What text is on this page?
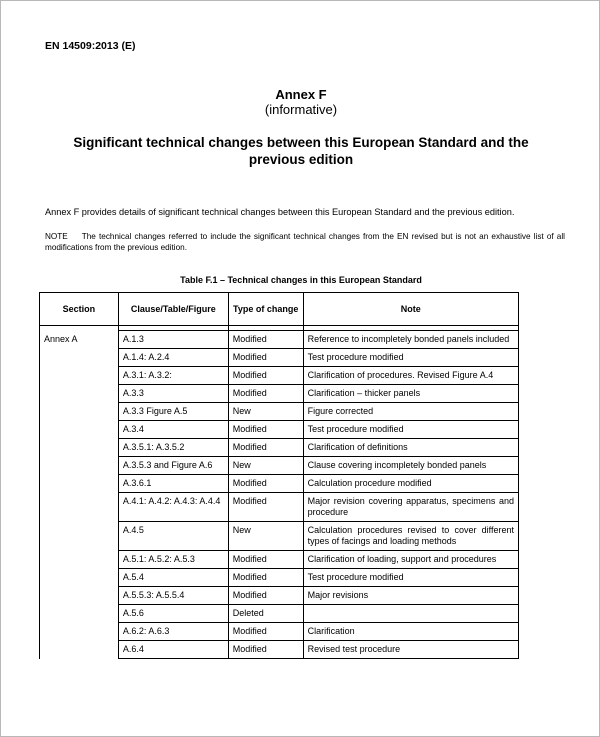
EN 14509:2013 (E)
Annex F
(informative)
Significant technical changes between this European Standard and the previous edition
Annex F provides details of significant technical changes between this European Standard and the previous edition.
NOTE The technical changes referred to include the significant technical changes from the EN revised but is not an exhaustive list of all modifications from the previous edition.
Table F.1 – Technical changes in this European Standard
Section	Clause/Table/Figure	Type of change	Note

Annex A	A.1.3	Modified	Reference to incompletely bonded panels included
	A.1.4: A.2.4	Modified	Test procedure modified
	A.3.1: A.3.2:	Modified	Clarification of procedures. Revised Figure A.4
	A.3.3	Modified	Clarification – thicker panels
	A.3.3 Figure A.5	New	Figure corrected
	A.3.4	Modified	Test procedure modified
	A.3.5.1: A.3.5.2	Modified	Clarification of definitions
	A.3.5.3 and Figure A.6	New	Clause covering incompletely bonded panels
	A.3.6.1	Modified	Calculation procedure modified
	A.4.1: A.4.2: A.4.3: A.4.4	Modified	Major revision covering apparatus, specimens and procedure
	A.4.5	New	Calculation procedures revised to cover different types of facings and loading methods
	A.5.1: A.5.2: A.5.3	Modified	Clarification of loading, support and procedures
	A.5.4	Modified	Test procedure modified
	A.5.5.3: A.5.5.4	Modified	Major revisions
	A.5.6	Deleted	
	A.6.2: A.6.3	Modified	Clarification
	A.6.4	Modified	Revised test procedure
